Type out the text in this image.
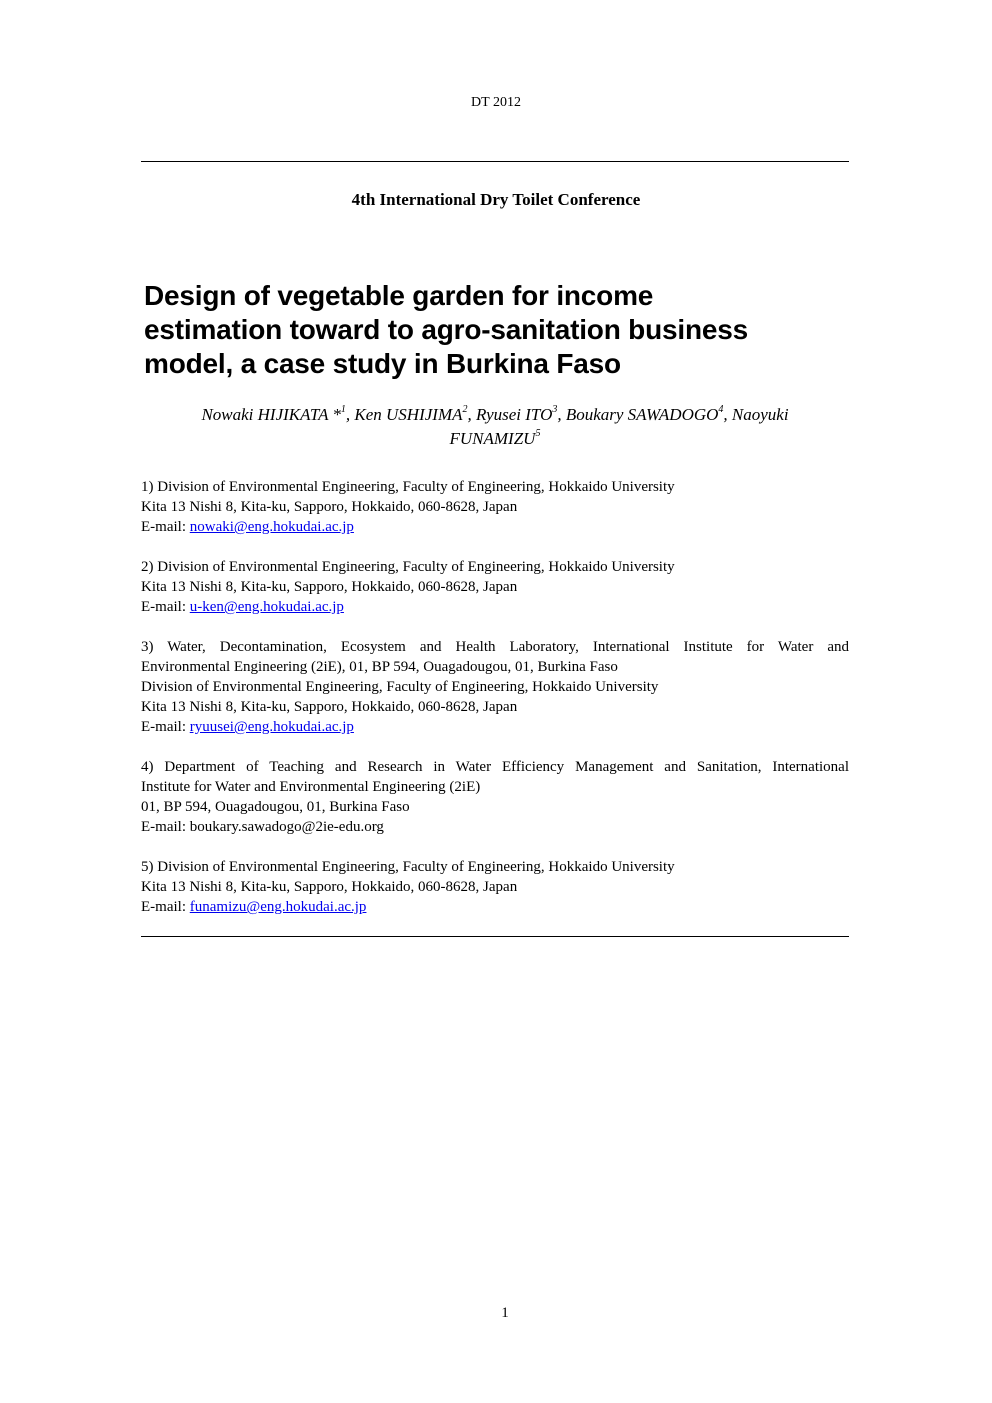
DT 2012
4th International Dry Toilet Conference
Design of vegetable garden for income
estimation toward to agro-sanitation business
model, a case study in Burkina Faso
Nowaki HIJIKATA *$^1$, Ken USHIJIMA$^2$, Ryusei ITO$^3$, Boukary SAWADOGO$^4$, Naoyuki
FUNAMIZU$^5$
1) Division of Environmental Engineering, Faculty of Engineering, Hokkaido University
Kita 13 Nishi 8, Kita-ku, Sapporo, Hokkaido, 060-8628, Japan
E-mail: nowaki@eng.hokudai.ac.jp
2) Division of Environmental Engineering, Faculty of Engineering, Hokkaido University
Kita 13 Nishi 8, Kita-ku, Sapporo, Hokkaido, 060-8628, Japan
E-mail: u-ken@eng.hokudai.ac.jp
3) Water, Decontamination, Ecosystem and Health Laboratory, International Institute for Water and
Environmental Engineering (2iE), 01, BP 594, Ouagadougou, 01, Burkina Faso
Division of Environmental Engineering, Faculty of Engineering, Hokkaido University
Kita 13 Nishi 8, Kita-ku, Sapporo, Hokkaido, 060-8628, Japan
E-mail: ryuusei@eng.hokudai.ac.jp
4) Department of Teaching and Research in Water Efficiency Management and Sanitation, International
Institute for Water and Environmental Engineering (2iE)
01, BP 594, Ouagadougou, 01, Burkina Faso
E-mail: boukary.sawadogo@2ie-edu.org
5) Division of Environmental Engineering, Faculty of Engineering, Hokkaido University
Kita 13 Nishi 8, Kita-ku, Sapporo, Hokkaido, 060-8628, Japan
E-mail: funamizu@eng.hokudai.ac.jp
1
